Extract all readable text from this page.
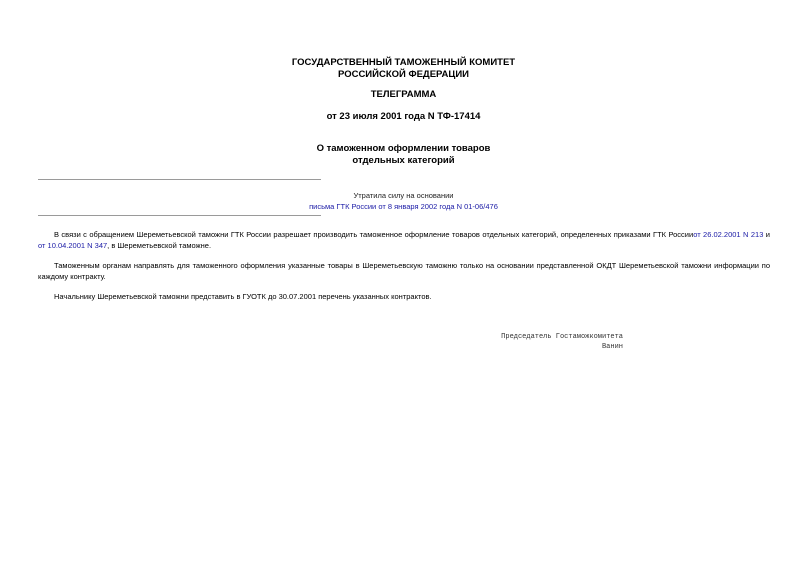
ГОСУДАРСТВЕННЫЙ ТАМОЖЕННЫЙ КОМИТЕТ
РОССИЙСКОЙ ФЕДЕРАЦИИ
ТЕЛЕГРАММА
от 23 июля 2001 года N ТФ-17414
О таможенном оформлении товаров
отдельных категорий
Утратила силу на основании
письма ГТК России от 8 января 2002 года N 01-06/476
В связи с обращением Шереметьевской таможни ГТК России разрешает производить таможенное оформление товаров отдельных категорий, определенных приказами ГТК Россииот 26.02.2001 N 213 и от 10.04.2001 N 347, в Шереметьевской таможне.
Таможенным органам направлять для таможенного оформления указанные товары в Шереметьевскую таможню только на основании представленной ОКДТ Шереметьевской таможни информации по каждому контракту.
Начальнику Шереметьевской таможни представить в ГУОТК до 30.07.2001 перечень указанных контрактов.
Председатель Гостаможкомитета
Ванин
